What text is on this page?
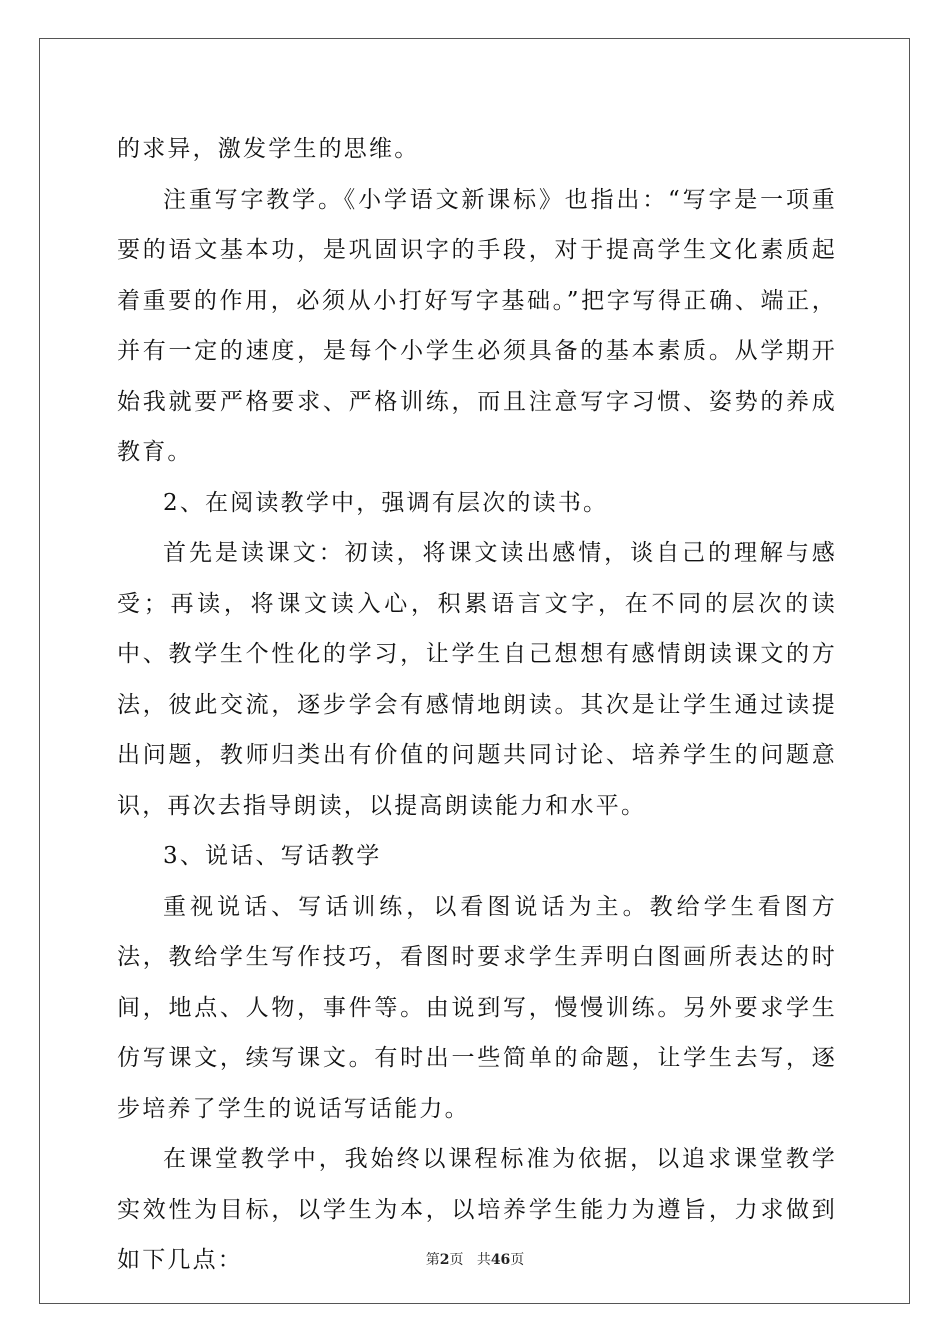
的求异，激发学生的思维。

注重写字教学。《小学语文新课标》也指出：“写字是一项重要的语文基本功，是巩固识字的手段，对于提高学生文化素质起着重要的作用，必须从小打好写字基础。”把字写得正确、端正，并有一定的速度，是每个小学生必须具备的基本素质。从学期开始我就要严格要求、严格训练，而且注意写字习惯、姿势的养成教育。

2、在阅读教学中，强调有层次的读书。

首先是读课文：初读，将课文读出感情，谈自己的理解与感受；再读，将课文读入心，积累语言文字，在不同的层次的读中、教学生个性化的学习，让学生自己想想有感情朗读课文的方法，彼此交流，逐步学会有感情地朗读。其次是让学生通过读提出问题，教师归类出有价值的问题共同讨论、培养学生的问题意识，再次去指导朗读，以提高朗读能力和水平。

3、说话、写话教学

重视说话、写话训练，以看图说话为主。教给学生看图方法，教给学生写作技巧，看图时要求学生弄明白图画所表达的时间，地点、人物，事件等。由说到写，慢慢训练。另外要求学生仿写课文，续写课文。有时出一些简单的命题，让学生去写，逐步培养了学生的说话写话能力。

在课堂教学中，我始终以课程标准为依据，以追求课堂教学实效性为目标，以学生为本，以培养学生能力为遵旨，力求做到如下几点：	第2页 共46页
